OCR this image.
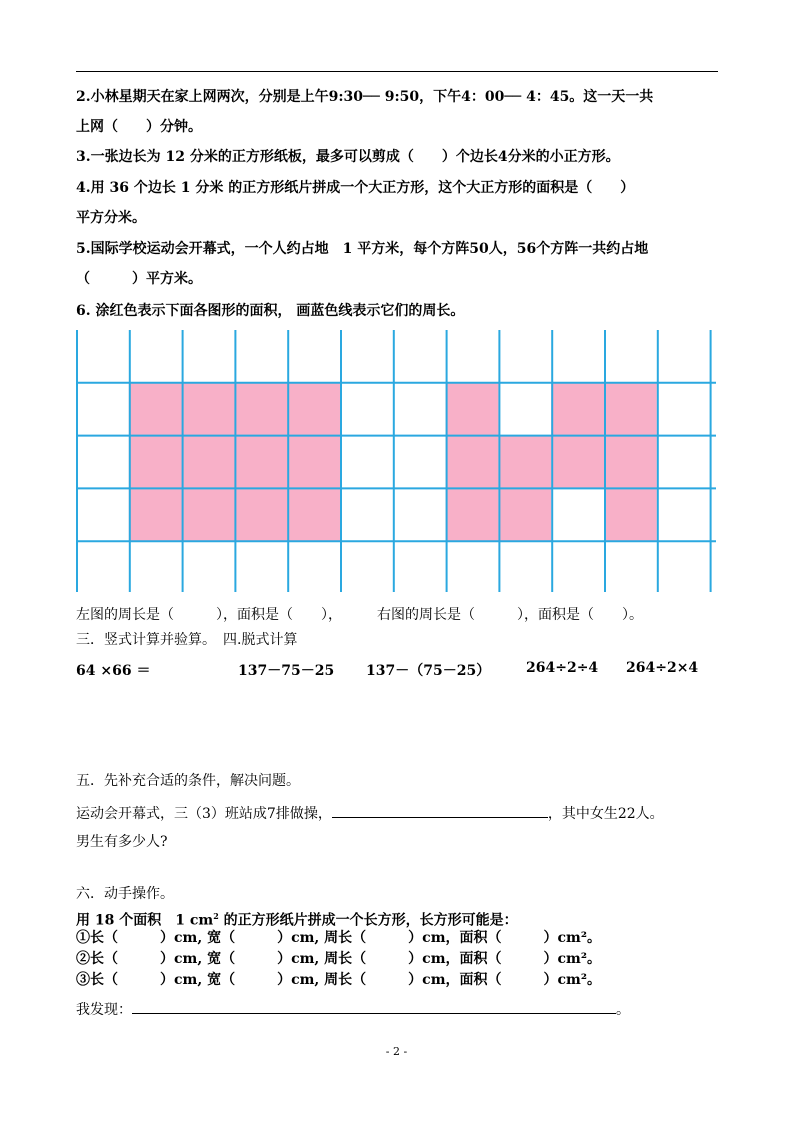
2.小林星期天在家上网两次，分别是上午9:30── 9:50，下午4：00── 4：45。这一天一共
上网（　　）分钟。
3.一张边长为 12 分米的正方形纸板，最多可以剪成（　　）个边长4分米的小正方形。
4.用 36 个边长 1 分米 的正方形纸片拼成一个大正方形，这个大正方形的面积是（　　）
平方分米。
5.国际学校运动会开幕式，一个人约占地　1 平方米，每个方阵50人，56个方阵一共约占地
（　　　）平方米。
6. 涂红色表示下面各图形的面积， 画蓝色线表示它们的周长。
左图的周长是（　　　），面积是（　　），　　　右图的周长是（　　　），面积是（　　）。
三．竖式计算并验算。　四.脱式计算
64 ×66 ＝	137－75－25 137－（75－25）	264÷2÷4 264÷2×4
五．先补充合适的条件，解决问题。
运动会开幕式，三（3）班站成7排做操，	，其中女生22人。
男生有多少人?
六．动手操作。
用 18 个面积　1 $cm^2$ 的正方形纸片拼成一个长方形，长方形可能是：
①长（　　　）cm, 宽（　　　）cm, 周长（　　　）cm，面积（　　　）cm²。
②长（　　　）cm, 宽（　　　）cm, 周长（　　　）cm，面积（　　　）cm²。
③长（　　　）cm, 宽（　　　）cm, 周长（　　　）cm，面积（　　　）cm²。
我发现：	。
- 2 -
